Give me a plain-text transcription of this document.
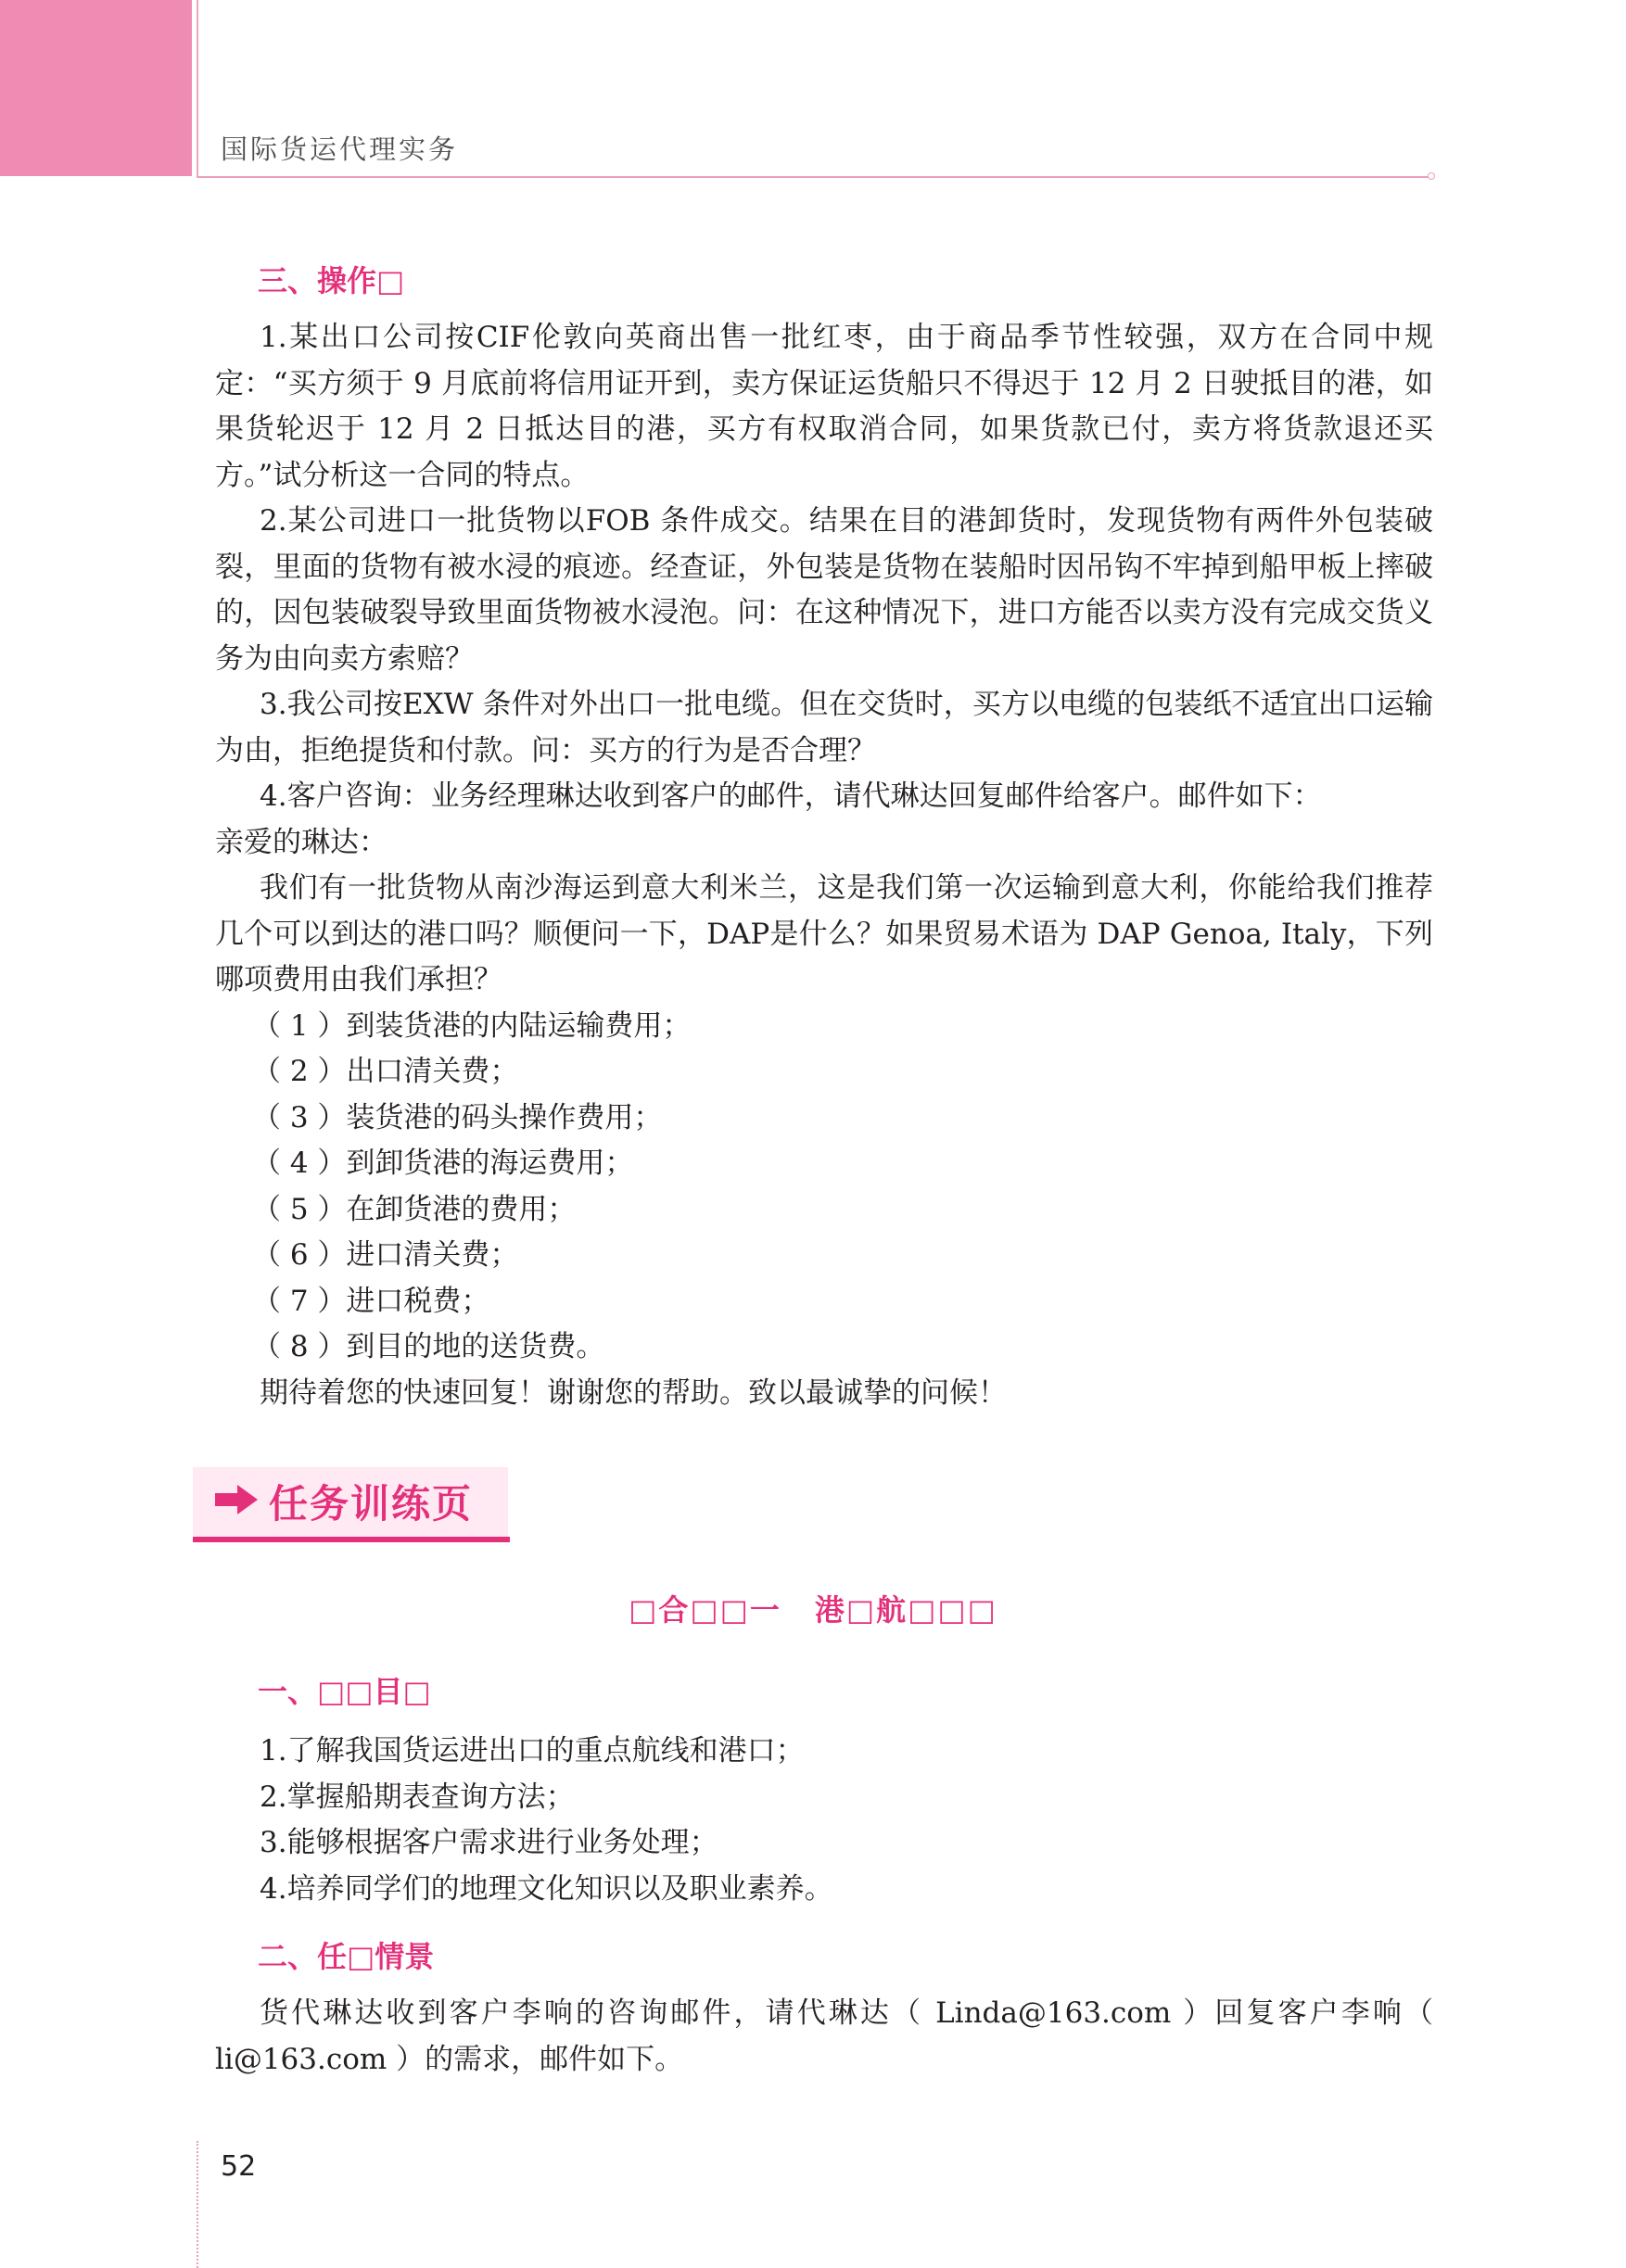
国际货运代理实务
三、操作□

1.某出口公司按CIF伦敦向英商出售一批红枣，由于商品季节性较强，双方在合同中规定：“买方须于 9 月底前将信用证开到，卖方保证运货船只不得迟于 12 月 2 日驶抵目的港，如果货轮迟于 12 月 2 日抵达目的港，买方有权取消合同，如果货款已付，卖方将货款退还买方。”试分析这一合同的特点。

2.某公司进口一批货物以FOB 条件成交。结果在目的港卸货时，发现货物有两件外包装破裂，里面的货物有被水浸的痕迹。经查证，外包装是货物在装船时因吊钩不牢掉到船甲板上摔破的，因包装破裂导致里面货物被水浸泡。问：在这种情况下，进口方能否以卖方没有完成交货义务为由向卖方索赔？

3.我公司按EXW 条件对外出口一批电缆。但在交货时，买方以电缆的包装纸不适宜出口运输为由，拒绝提货和付款。问：买方的行为是否合理？

4.客户咨询：业务经理琳达收到客户的邮件，请代琳达回复邮件给客户。邮件如下：

亲爱的琳达：

我们有一批货物从南沙海运到意大利米兰，这是我们第一次运输到意大利，你能给我们推荐几个可以到达的港口吗？顺便问一下，DAP是什么？如果贸易术语为 DAP Genoa, Italy，下列哪项费用由我们承担？

（ 1 ）到装货港的内陆运输费用；

（ 2 ）出口清关费；

（ 3 ）装货港的码头操作费用；

（ 4 ）到卸货港的海运费用；

（ 5 ）在卸货港的费用；

（ 6 ）进口清关费；

（ 7 ）进口税费；

（ 8 ）到目的地的送货费。

期待着您的快速回复！谢谢您的帮助。致以最诚挚的问候！

任务训练页
□合□□一 港□航□□□
一、□□目□

1.了解我国货运进出口的重点航线和港口；

2.掌握船期表查询方法；

3.能够根据客户需求进行业务处理；

4.培养同学们的地理文化知识以及职业素养。

二、任□情景

货代琳达收到客户李响的咨询邮件，请代琳达（ Linda@163.com ）回复客户李响（ li@163.com ）的需求，邮件如下。

52
